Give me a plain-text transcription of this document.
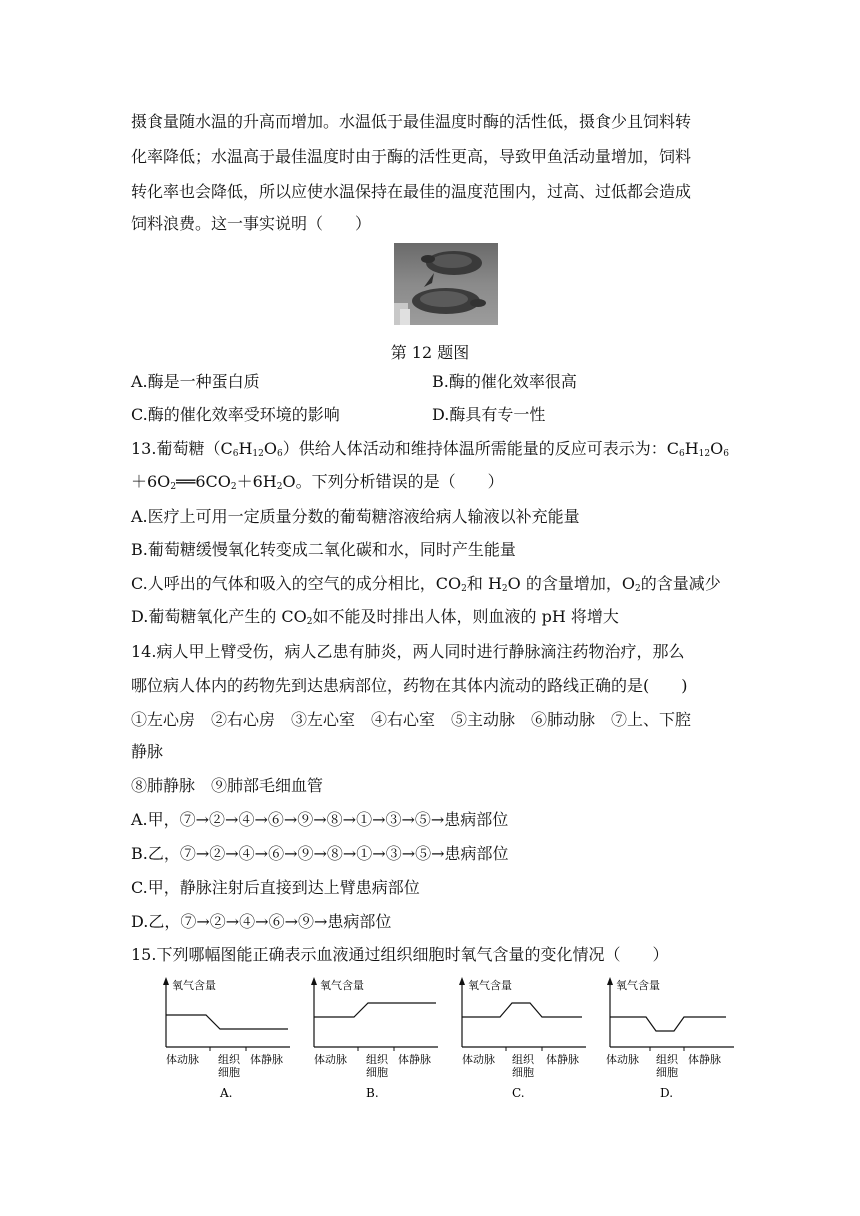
摄食量随水温的升高而增加。水温低于最佳温度时酶的活性低，摄食少且饲料转
化率降低；水温高于最佳温度时由于酶的活性更高，导致甲鱼活动量增加，饲料
转化率也会降低，所以应使水温保持在最佳的温度范围内，过高、过低都会造成
饲料浪费。这一事实说明（　　）
第 12 题图
A.酶是一种蛋白质	B.酶的催化效率很高
C.酶的催化效率受环境的影响	D.酶具有专一性
13.葡萄糖$(C_6H_{12}O_6)$供给人体活动和维持体温所需能量的反应可表示为：$C_6H_{12}O_6$
$+6O_2══6CO_2+6H_2O$。下列分析错误的是（　　）
A.医疗上可用一定质量分数的葡萄糖溶液给病人输液以补充能量
B.葡萄糖缓慢氧化转变成二氧化碳和水，同时产生能量
C.人呼出的气体和吸入的空气的成分相比，$CO_2$和 $H_2O$ 的含量增加，$O_2$的含量减少
D.葡萄糖氧化产生的 $CO_2$如不能及时排出人体，则血液的 pH 将增大
14.病人甲上臂受伤，病人乙患有肺炎，两人同时进行静脉滴注药物治疗，那么
哪位病人体内的药物先到达患病部位，药物在其体内流动的路线正确的是(　　)
①左心房　②右心房　③左心室　④右心室　⑤主动脉　⑥肺动脉　⑦上、下腔
静脉
⑧肺静脉　⑨肺部毛细血管
A.甲，⑦→②→④→⑥→⑨→⑧→①→③→⑤→患病部位
B.乙，⑦→②→④→⑥→⑨→⑧→①→③→⑤→患病部位
C.甲，静脉注射后直接到达上臂患病部位
D.乙，⑦→②→④→⑥→⑨→患病部位
15.下列哪幅图能正确表示血液通过组织细胞时氧气含量的变化情况（　　）
氧气含量
体动脉 组织
细胞
体静脉
A.
氧气含量
体动脉 组织
细胞
体静脉
B.
氧气含量
体动脉 组织
细胞
体静脉
C.
氧气含量
体动脉 组织
细胞
体静脉
D.
